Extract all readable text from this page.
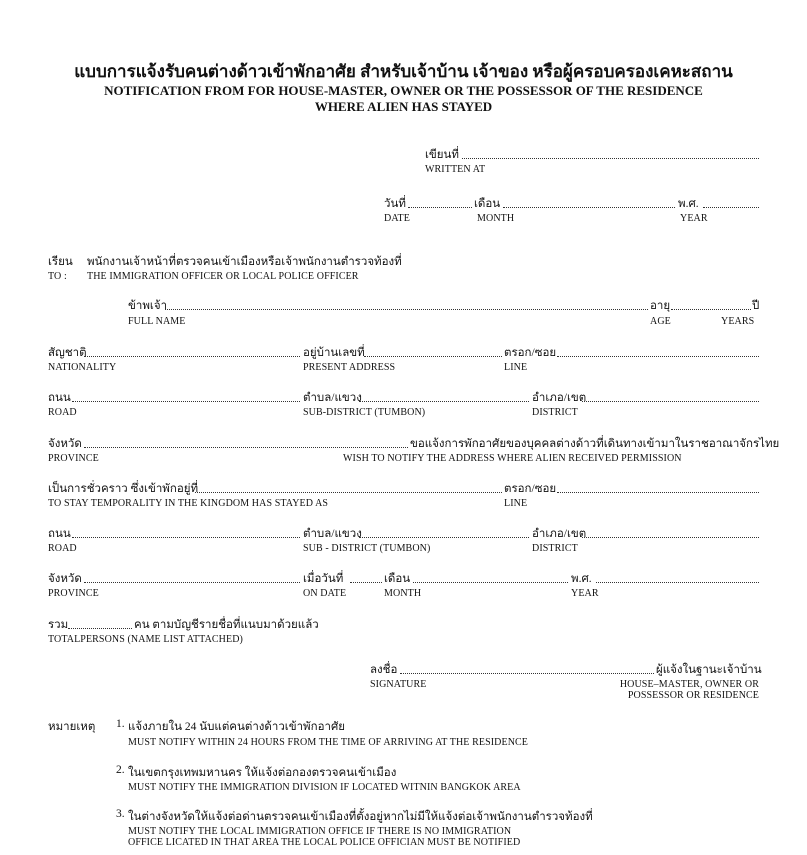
แบบการแจ้งรับคนต่างด้าวเข้าพักอาศัย สำหรับเจ้าบ้าน เจ้าของ หรือผู้ครอบครองเคหะสถาน
NOTIFICATION FROM FOR HOUSE-MASTER, OWNER OR THE POSSESSOR OF THE RESIDENCE
WHERE ALIEN HAS STAYED
เขียนที่
WRITTEN AT
วันที่	เดือน	พ.ศ.
DATE	MONTH	YEAR
เรียน พนักงานเจ้าหน้าที่ตรวจคนเข้าเมืองหรือเจ้าพนักงานตำรวจท้องที่
TO : THE IMMIGRATION OFFICER OR LOCAL POLICE OFFICER
ข้าพเจ้า	อายุ	ปี
FULL NAME	AGE	YEARS
สัญชาติ	อยู่บ้านเลขที่	ตรอก/ซอย
NATIONALITY	PRESENT ADDRESS	LINE
ถนน	ตำบล/แขวง	อำเภอ/เขต
ROAD	SUB-DISTRICT (TUMBON)	DISTRICT
จังหวัด	ขอแจ้งการพักอาศัยของบุคคลต่างด้าวที่เดินทางเข้ามาในราชอาณาจักรไทย
PROVINCE	WISH TO NOTIFY THE ADDRESS WHERE ALIEN RECEIVED PERMISSION
เป็นการชั่วคราว ซึ่งเข้าพักอยู่ที่	ตรอก/ซอย
TO STAY TEMPORALITY IN THE KINGDOM HAS STAYED AS	LINE
ถนน	ตำบล/แขวง	อำเภอ/เขต
ROAD	SUB - DISTRICT (TUMBON)	DISTRICT
จังหวัด	เมื่อวันที่	เดือน	พ.ศ.
PROVINCE	ON DATE	MONTH	YEAR
รวม	คน ตามบัญชีรายชื่อที่แนบมาด้วยแล้ว
TOTALPERSONS (NAME LIST ATTACHED)
ลงชื่อ	ผู้แจ้งในฐานะเจ้าบ้าน
SIGNATURE	HOUSE–MASTER, OWNER OR
POSSESSOR OR RESIDENCE
หมายเหตุ 1. แจ้งภายใน 24 นับแต่คนต่างด้าวเข้าพักอาศัย
MUST NOTIFY WITHIN 24 HOURS FROM THE TIME OF ARRIVING AT THE RESIDENCE
2. ในเขตกรุงเทพมหานคร ให้แจ้งต่อกองตรวจคนเข้าเมือง
MUST NOTIFY THE IMMIGRATION DIVISION IF LOCATED WITNIN BANGKOK AREA
3. ในต่างจังหวัดให้แจ้งต่อด่านตรวจคนเข้าเมืองที่ตั้งอยู่หากไม่มีให้แจ้งต่อเจ้าพนักงานตำรวจท้องที่
MUST NOTIFY THE LOCAL IMMIGRATION OFFICE IF THERE IS NO IMMIGRATION
OFFICE LICATED IN THAT AREA THE LOCAL POLICE OFFICIAN MUST BE NOTIFIED
